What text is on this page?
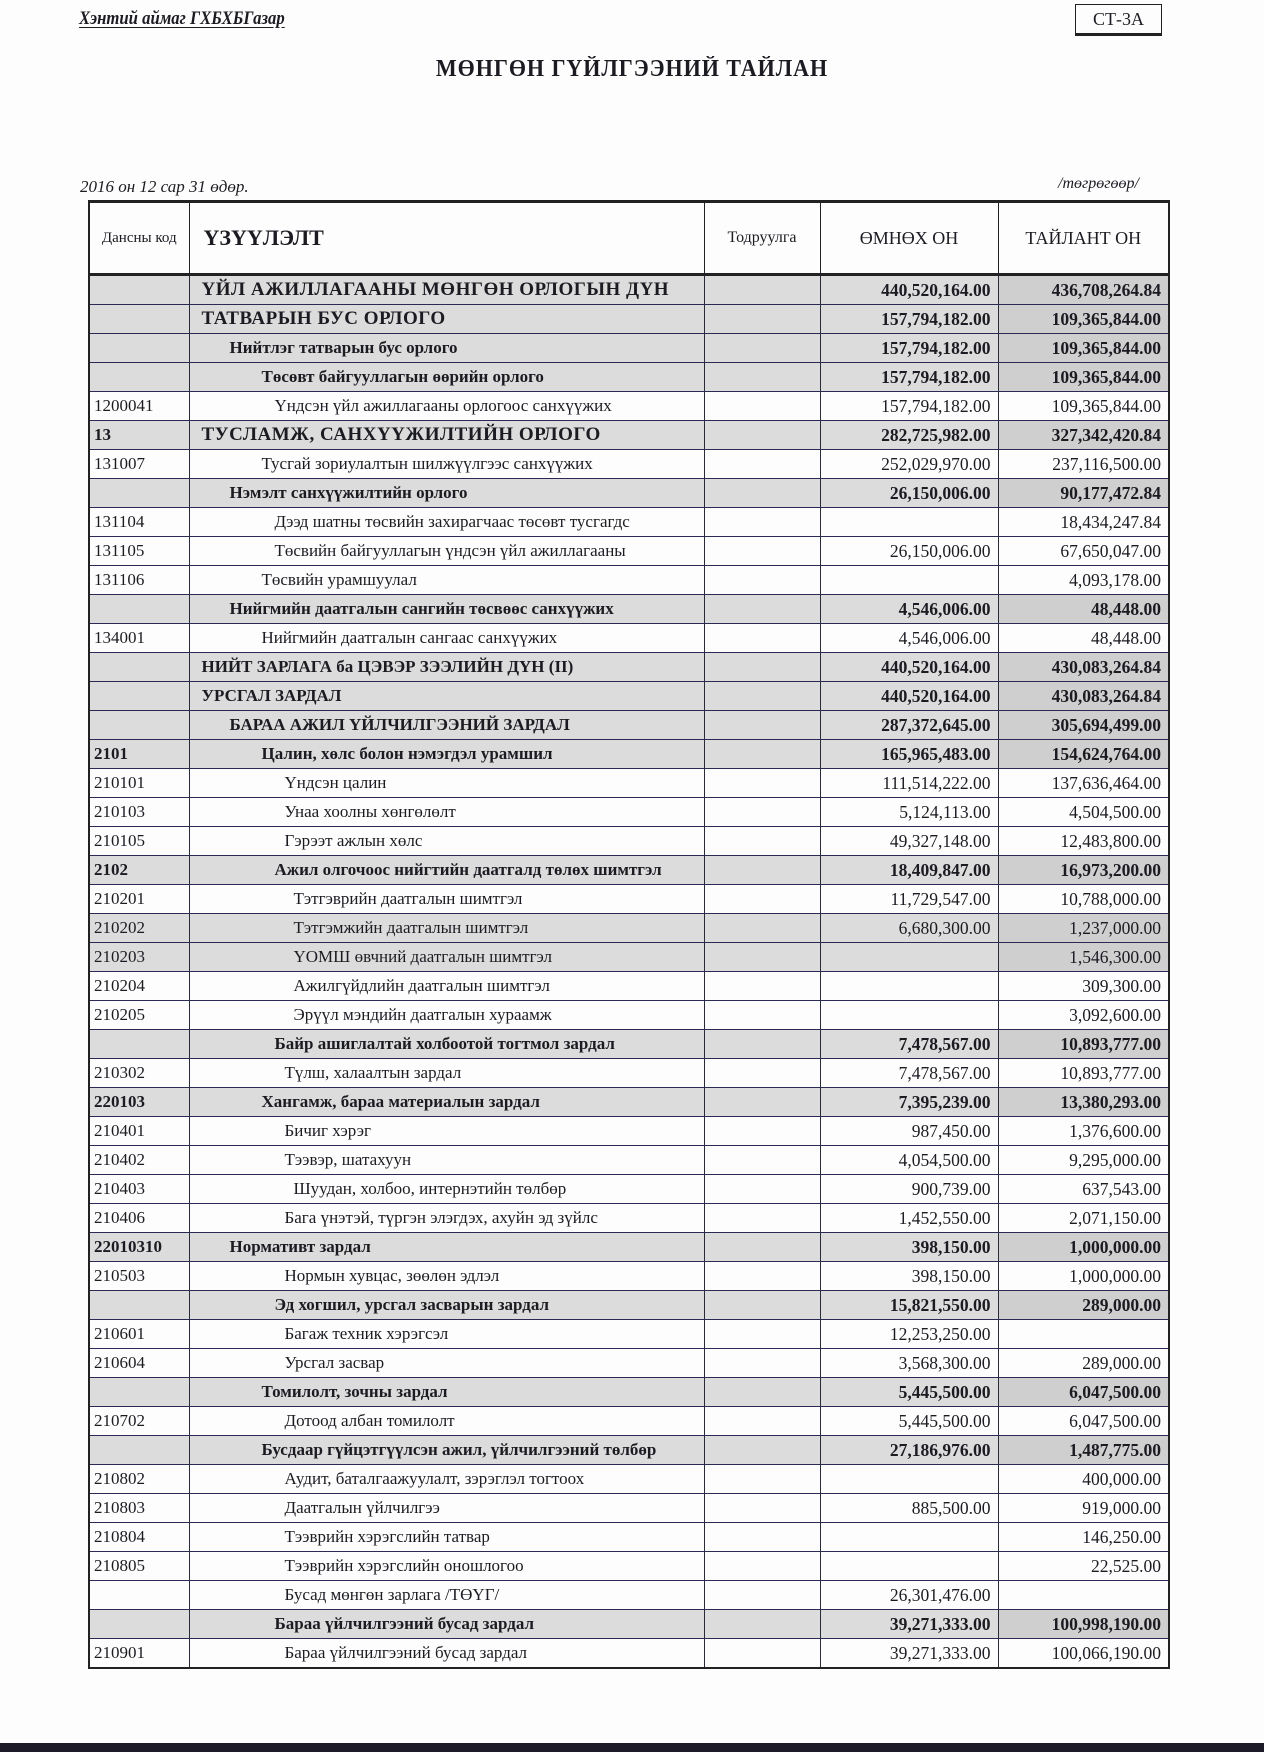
Хэнтий аймаг ГХБХБГазар	СТ-3А
МӨНГӨН ГҮЙЛГЭЭНИЙ ТАЙЛАН
2016 он 12 сар 31 өдөр.	/төгрөгөөр/
Дансны код	ҮЗҮҮЛЭЛТ	Тодруулга	ӨМНӨХ ОН	ТАЙЛАНТ ОН
	ҮЙЛ АЖИЛЛАГААНЫ МӨНГӨН ОРЛОГЫН ДҮН		440,520,164.00	436,708,264.84
	ТАТВАРЫН БУС ОРЛОГО		157,794,182.00	109,365,844.00
	Нийтлэг татварын бус орлого		157,794,182.00	109,365,844.00
	Төсөвт байгууллагын өөрийн орлого		157,794,182.00	109,365,844.00
1200041	Үндсэн үйл ажиллагааны орлогоос санхүүжих		157,794,182.00	109,365,844.00
13	ТУСЛАМЖ, САНХҮҮЖИЛТИЙН ОРЛОГО		282,725,982.00	327,342,420.84
131007	Тусгай зориулалтын шилжүүлгээс санхүүжих		252,029,970.00	237,116,500.00
	Нэмэлт санхүүжилтийн орлого		26,150,006.00	90,177,472.84
131104	Дээд шатны төсвийн захирагчаас төсөвт тусгагдс			18,434,247.84
131105	Төсвийн байгууллагын үндсэн үйл ажиллагааны		26,150,006.00	67,650,047.00
131106	Төсвийн урамшуулал			4,093,178.00
	Нийгмийн даатгалын сангийн төсвөөс санхүүжих		4,546,006.00	48,448.00
134001	Нийгмийн даатгалын сангаас санхүүжих		4,546,006.00	48,448.00
	НИЙТ ЗАРЛАГА ба ЦЭВЭР ЗЭЭЛИЙН ДҮН (II)		440,520,164.00	430,083,264.84
	УРСГАЛ ЗАРДАЛ		440,520,164.00	430,083,264.84
	БАРАА АЖИЛ ҮЙЛЧИЛГЭЭНИЙ ЗАРДАЛ		287,372,645.00	305,694,499.00
2101	Цалин, хөлс болон нэмэгдэл урамшил		165,965,483.00	154,624,764.00
210101	Үндсэн цалин		111,514,222.00	137,636,464.00
210103	Унаа хоолны хөнгөлөлт		5,124,113.00	4,504,500.00
210105	Гэрээт ажлын хөлс		49,327,148.00	12,483,800.00
2102	Ажил олгочоос нийгтийн даатгалд төлөх шимтгэл		18,409,847.00	16,973,200.00
210201	Тэтгэврийн даатгалын шимтгэл		11,729,547.00	10,788,000.00
210202	Тэтгэмжийн даатгалын шимтгэл		6,680,300.00	1,237,000.00
210203	ҮОМШ өвчний даатгалын шимтгэл			1,546,300.00
210204	Ажилгүйдлийн даатгалын шимтгэл			309,300.00
210205	Эрүүл мэндийн даатгалын хураамж			3,092,600.00
	Байр ашиглалтай холбоотой тогтмол зардал		7,478,567.00	10,893,777.00
210302	Түлш, халаалтын зардал		7,478,567.00	10,893,777.00
220103	Хангамж, бараа материалын зардал		7,395,239.00	13,380,293.00
210401	Бичиг хэрэг		987,450.00	1,376,600.00
210402	Тээвэр, шатахуун		4,054,500.00	9,295,000.00
210403	Шуудан, холбоо, интернэтийн төлбөр		900,739.00	637,543.00
210406	Бага үнэтэй, түргэн элэгдэх, ахуйн эд зүйлс		1,452,550.00	2,071,150.00
22010310	Нормативт зардал		398,150.00	1,000,000.00
210503	Нормын хувцас, зөөлөн эдлэл		398,150.00	1,000,000.00
	Эд хогшил, урсгал засварын зардал		15,821,550.00	289,000.00
210601	Багаж техник хэрэгсэл		12,253,250.00	
210604	Урсгал засвар		3,568,300.00	289,000.00
	Томилолт, зочны зардал		5,445,500.00	6,047,500.00
210702	Дотоод албан томилолт		5,445,500.00	6,047,500.00
	Бусдаар гүйцэтгүүлсэн ажил, үйлчилгээний төлбөр		27,186,976.00	1,487,775.00
210802	Аудит, баталгаажуулалт, зэрэглэл тогтоох			400,000.00
210803	Даатгалын үйлчилгээ		885,500.00	919,000.00
210804	Тээврийн хэрэгслийн татвар			146,250.00
210805	Тээврийн хэрэгслийн оношлогоо			22,525.00
	Бусад мөнгөн зарлага /ТӨҮГ/		26,301,476.00	
	Бараа үйлчилгээний бусад зардал		39,271,333.00	100,998,190.00
210901	Бараа үйлчилгээний бусад зардал		39,271,333.00	100,066,190.00
